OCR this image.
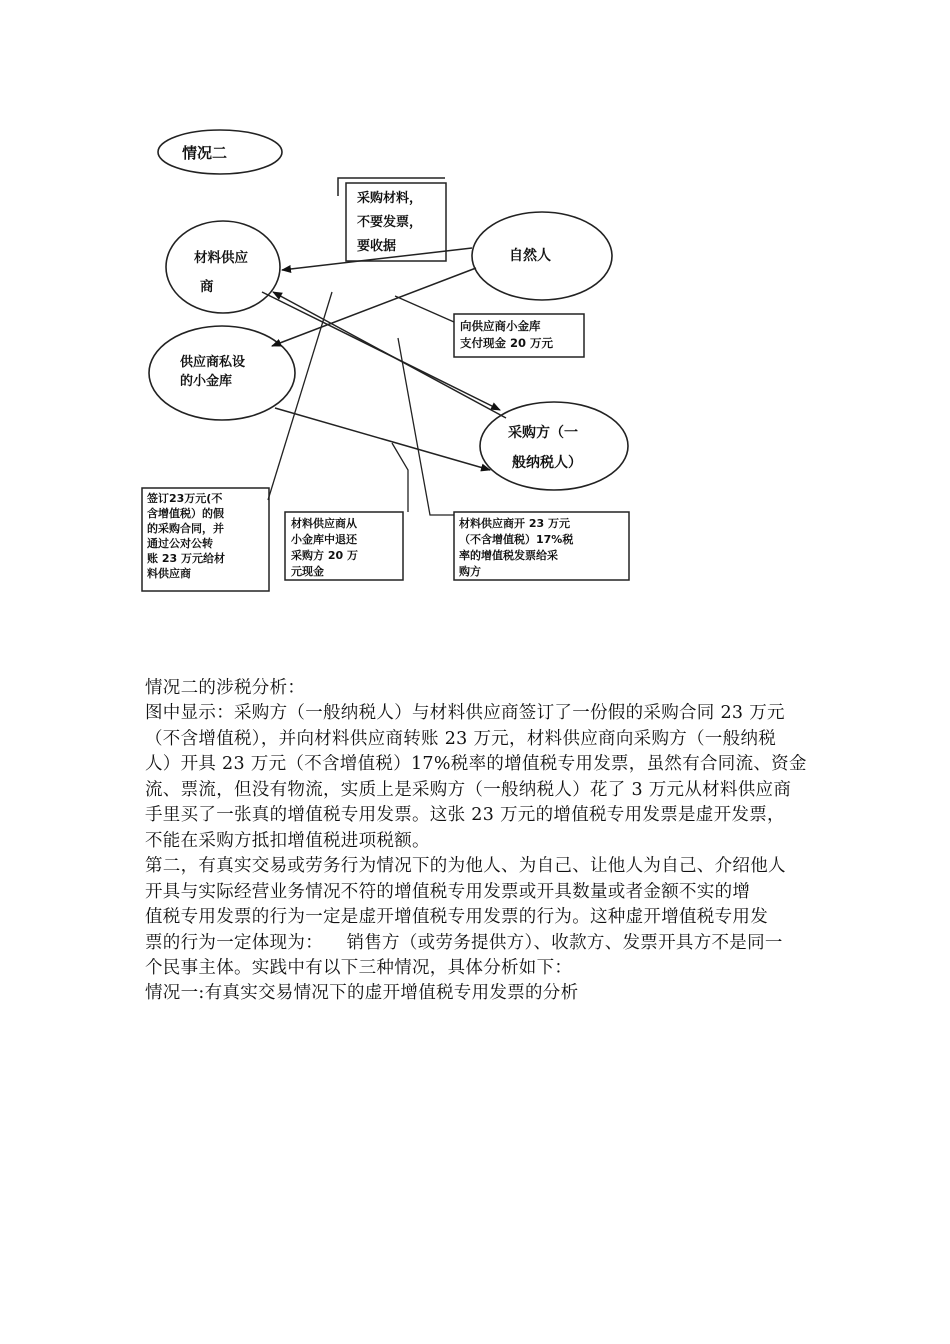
情况二
材料供应
商
自然人
供应商私设
的小金库
采购方（一
般纳税人）
采购材料，
不要发票，
要收据
向供应商小金库
支付现金 20 万元
签订23万元(不
含增值税）的假
的采购合同，并
通过公对公转
账 23 万元给材
料供应商
材料供应商从
小金库中退还
采购方 20 万
元现金
材料供应商开 23 万元
（不含增值税）17%税
率的增值税发票给采
购方

情况二的涉税分析：

图中显示：采购方（一般纳税人）与材料供应商签订了一份假的采购合同 23 万元
（不含增值税），并向材料供应商转账 23 万元，材料供应商向采购方（一般纳税
人）开具 23 万元（不含增值税）17%税率的增值税专用发票，虽然有合同流、资金
流、票流，但没有物流，实质上是采购方（一般纳税人）花了 3 万元从材料供应商
手里买了一张真的增值税专用发票。这张 23 万元的增值税专用发票是虚开发票，
不能在采购方抵扣增值税进项税额。

第二，有真实交易或劳务行为情况下的为他人、为自己、让他人为自己、介绍他人
开具与实际经营业务情况不符的增值税专用发票或开具数量或者金额不实的增
值税专用发票的行为一定是虚开增值税专用发票的行为。这种虚开增值税专用发
票的行为一定体现为：    销售方（或劳务提供方）、收款方、发票开具方不是同一
个民事主体。实践中有以下三种情况，具体分析如下：

情况一:有真实交易情况下的虚开增值税专用发票的分析
